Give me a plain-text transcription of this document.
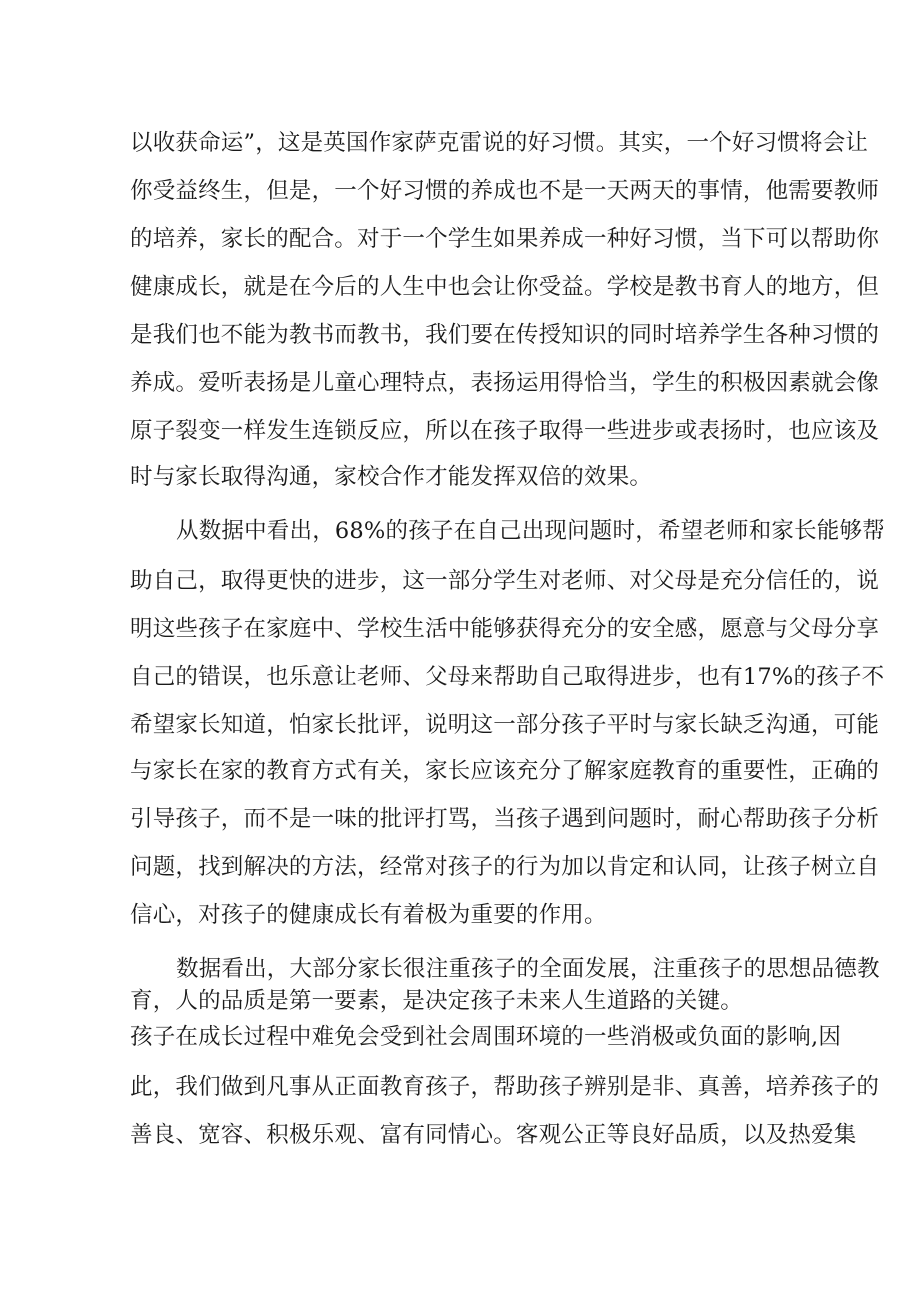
以收获命运”，这是英国作家萨克雷说的好习惯。其实，一个好习惯将会让
你受益终生，但是，一个好习惯的养成也不是一天两天的事情，他需要教师
的培养，家长的配合。对于一个学生如果养成一种好习惯，当下可以帮助你
健康成长，就是在今后的人生中也会让你受益。学校是教书育人的地方，但
是我们也不能为教书而教书，我们要在传授知识的同时培养学生各种习惯的
养成。爱听表扬是儿童心理特点，表扬运用得恰当，学生的积极因素就会像
原子裂变一样发生连锁反应，所以在孩子取得一些进步或表扬时，也应该及
时与家长取得沟通，家校合作才能发挥双倍的效果。
从数据中看出，68%的孩子在自己出现问题时，希望老师和家长能够帮
助自己，取得更快的进步，这一部分学生对老师、对父母是充分信任的，说
明这些孩子在家庭中、学校生活中能够获得充分的安全感，愿意与父母分享
自己的错误，也乐意让老师、父母来帮助自己取得进步，也有17%的孩子不
希望家长知道，怕家长批评，说明这一部分孩子平时与家长缺乏沟通，可能
与家长在家的教育方式有关，家长应该充分了解家庭教育的重要性，正确的
引导孩子，而不是一味的批评打骂，当孩子遇到问题时，耐心帮助孩子分析
问题，找到解决的方法，经常对孩子的行为加以肯定和认同，让孩子树立自
信心，对孩子的健康成长有着极为重要的作用。
数据看出，大部分家长很注重孩子的全面发展，注重孩子的思想品德教
育，人的品质是第一要素，是决定孩子未来人生道路的关键。
孩子在成长过程中难免会受到社会周围环境的一些消极或负面的影响,因
此，我们做到凡事从正面教育孩子，帮助孩子辨别是非、真善，培养孩子的
善良、宽容、积极乐观、富有同情心。客观公正等良好品质，以及热爱集
